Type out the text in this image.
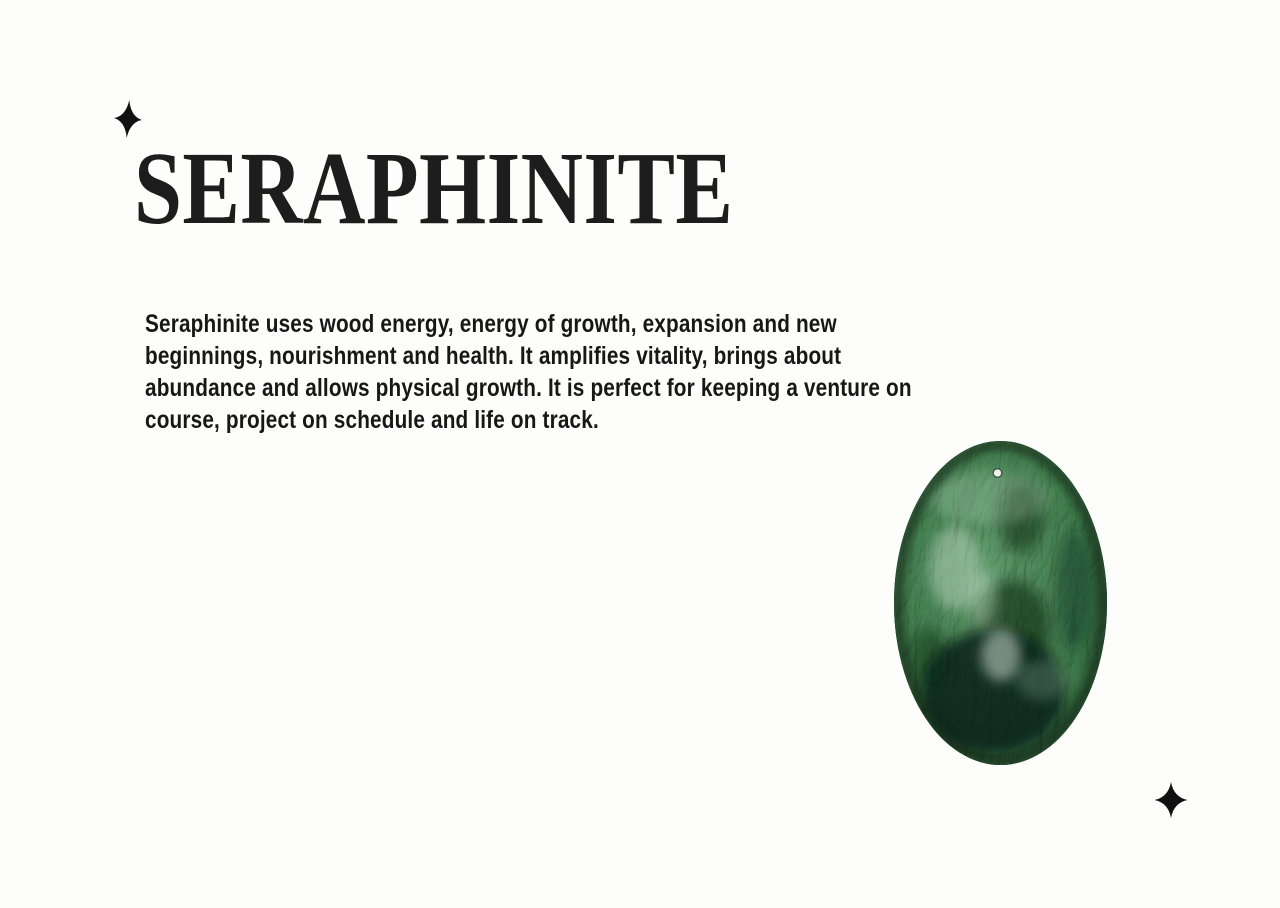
SERAPHINITE
Seraphinite uses wood energy, energy of growth, expansion and new
beginnings, nourishment and health. It amplifies vitality, brings about
abundance and allows physical growth. It is perfect for keeping a venture on
course, project on schedule and life on track.
